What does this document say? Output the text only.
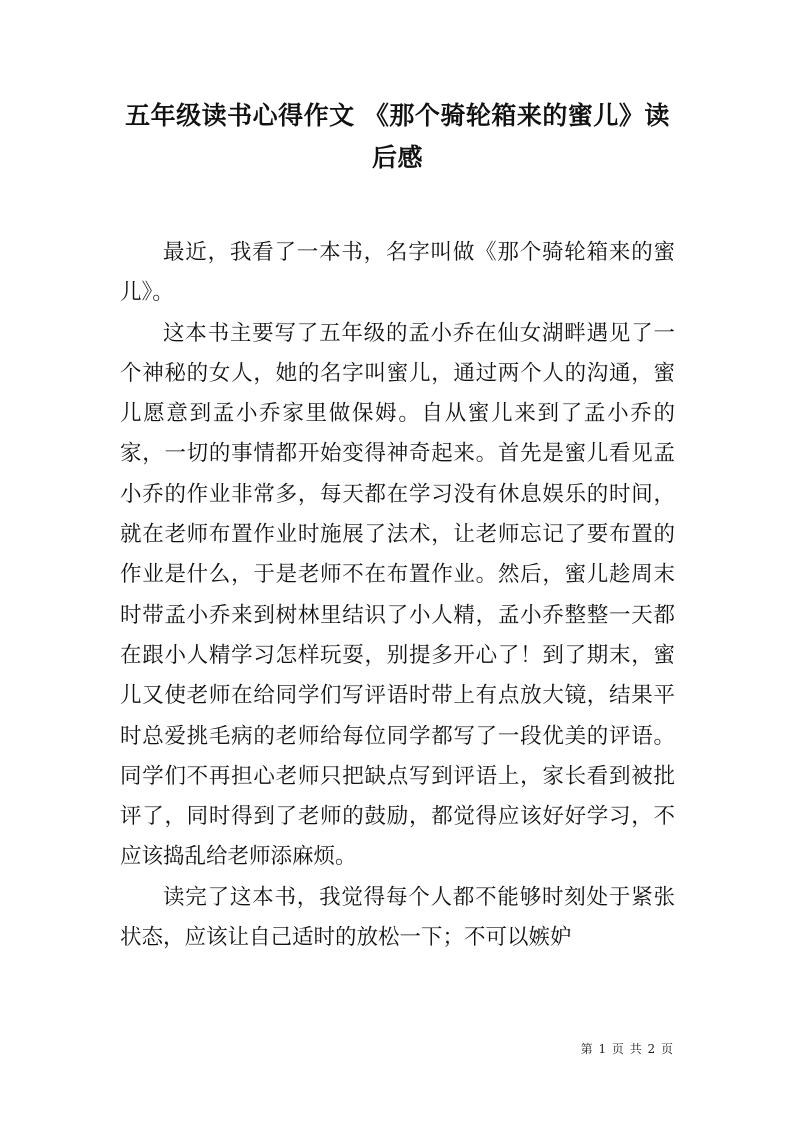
五年级读书心得作文 《那个骑轮箱来的蜜儿》读后感

最近，我看了一本书，名字叫做《那个骑轮箱来的蜜儿》。

这本书主要写了五年级的孟小乔在仙女湖畔遇见了一个神秘的女人，她的名字叫蜜儿，通过两个人的沟通，蜜儿愿意到孟小乔家里做保姆。自从蜜儿来到了孟小乔的家，一切的事情都开始变得神奇起来。首先是蜜儿看见孟小乔的作业非常多，每天都在学习没有休息娱乐的时间，就在老师布置作业时施展了法术，让老师忘记了要布置的作业是什么，于是老师不在布置作业。然后，蜜儿趁周末时带孟小乔来到树林里结识了小人精，孟小乔整整一天都在跟小人精学习怎样玩耍，别提多开心了！到了期末，蜜儿又使老师在给同学们写评语时带上有点放大镜，结果平时总爱挑毛病的老师给每位同学都写了一段优美的评语。同学们不再担心老师只把缺点写到评语上，家长看到被批评了，同时得到了老师的鼓励，都觉得应该好好学习，不应该捣乱给老师添麻烦。

读完了这本书，我觉得每个人都不能够时刻处于紧张状态，应该让自己适时的放松一下；不可以嫉妒

第 1 页 共 2 页
